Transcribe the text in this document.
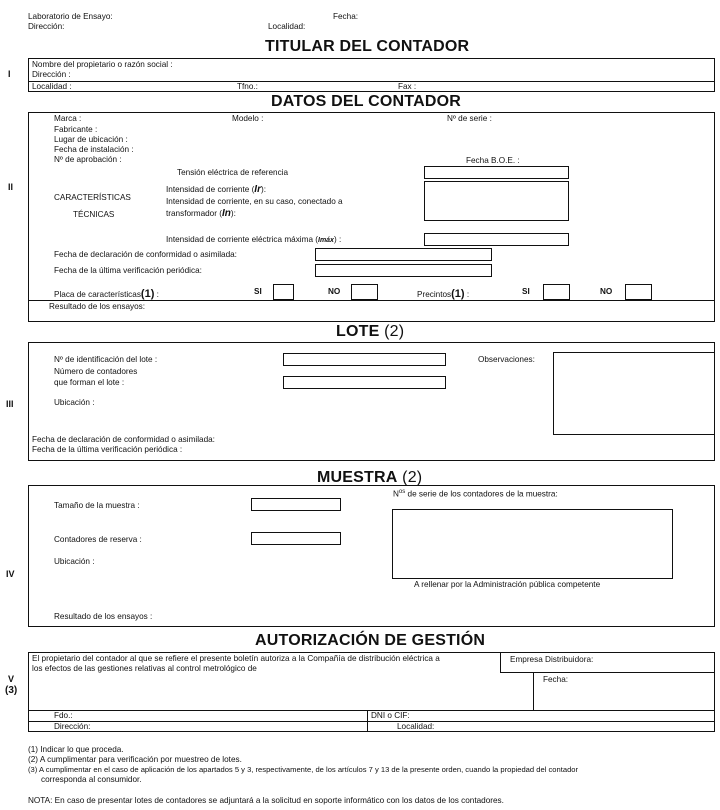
Laboratorio de Ensayo:	Fecha:
Dirección:	Localidad:
TITULAR DEL CONTADOR
I
Nombre del propietario o razón social :
Dirección :
Localidad :	Tfno.:	Fax :
DATOS DEL CONTADOR
II
Marca :	Modelo :	Nº de serie :
Fabricante :
Lugar de ubicación :
Fecha de instalación :
Nº de aprobación :	Fecha B.O.E. :
Tensión eléctrica de referencia
CARACTERÍSTICAS
TÉCNICAS
Intensidad de corriente (Ir):
Intensidad de corriente, en su caso, conectado a
transformador (In):
Intensidad de corriente eléctrica máxima (Imáx) :
Fecha de declaración de conformidad o asimilada:
Fecha de la última verificación periódica:
Placa de características(1) :	SI	NO	Precintos(1) :	SI	NO
Resultado de los ensayos:
LOTE (2)
III
Nº de identificación del lote :	Observaciones:
Número de contadores
que forman el lote :
Ubicación :
Fecha de declaración de conformidad o asimilada:
Fecha de la última verificación periódica :
MUESTRA (2)
IV
Tamaño de la muestra :
$N^{os}$ de serie de los contadores de la muestra:
Contadores de reserva :
Ubicación :
A rellenar por la Administración pública competente
Resultado de los ensayos :
AUTORIZACIÓN DE GESTIÓN
V
(3)
El propietario del contador al que se refiere el presente boletín autoriza a la Compañía de distribución eléctrica a
los efectos de las gestiones relativas al control metrológico de
Empresa Distribuidora:
Fecha:
Fdo.:	DNI o CIF:
Dirección:	Localidad:
(1) Indicar lo que proceda.
(2) A cumplimentar para verificación por muestreo de lotes.
(3) A cumplimentar en el caso de aplicación de los apartados 5 y 3, respectivamente, de los artículos 7 y 13 de la presente orden, cuando la propiedad del contador
corresponda al consumidor.
NOTA: En caso de presentar lotes de contadores se adjuntará a la solicitud en soporte informático con los datos de los contadores.
